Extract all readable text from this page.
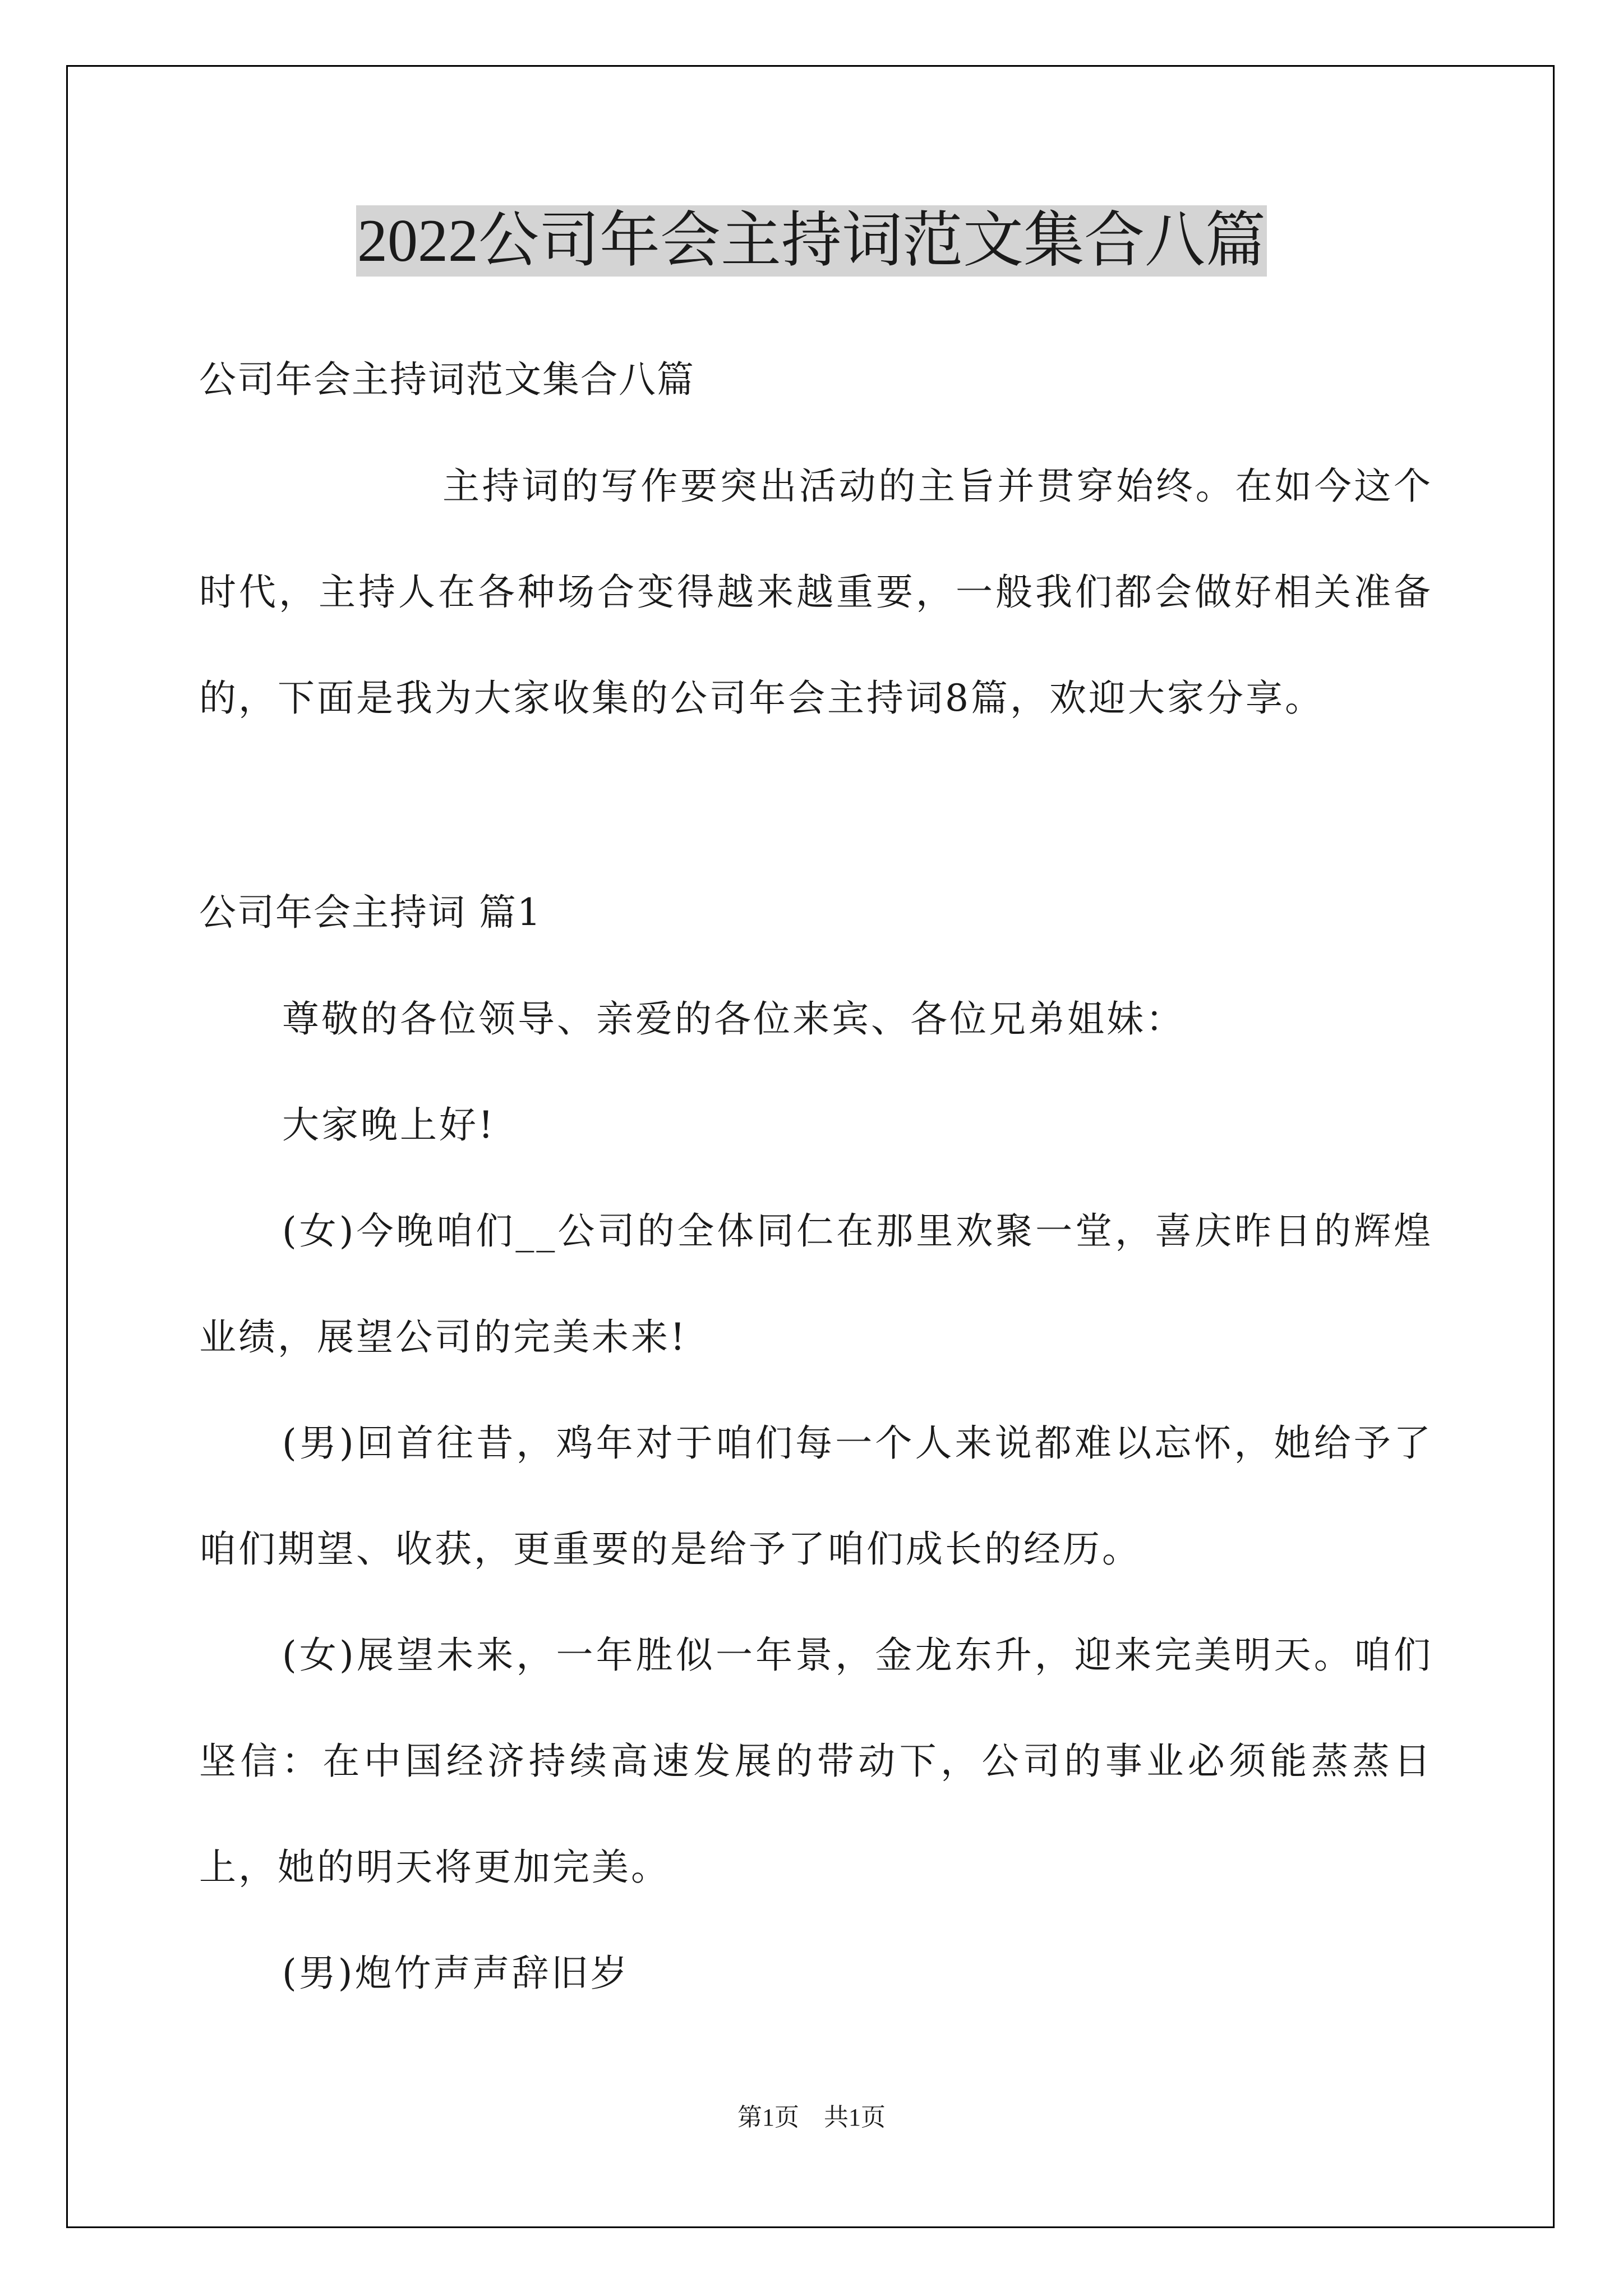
2022公司年会主持词范文集合八篇
公司年会主持词范文集合八篇
主持词的写作要突出活动的主旨并贯穿始终。在如今这个时代，主持人在各种场合变得越来越重要，一般我们都会做好相关准备的，下面是我为大家收集的公司年会主持词8篇，欢迎大家分享。
公司年会主持词 篇1
尊敬的各位领导、亲爱的各位来宾、各位兄弟姐妹：
大家晚上好!
(女)今晚咱们__公司的全体同仁在那里欢聚一堂，喜庆昨日的辉煌业绩，展望公司的完美未来!
(男)回首往昔，鸡年对于咱们每一个人来说都难以忘怀，她给予了咱们期望、收获，更重要的是给予了咱们成长的经历。
(女)展望未来，一年胜似一年景，金龙东升，迎来完美明天。咱们坚信：在中国经济持续高速发展的带动下，公司的事业必须能蒸蒸日上，她的明天将更加完美。
(男)炮竹声声辞旧岁
第1页　共1页
